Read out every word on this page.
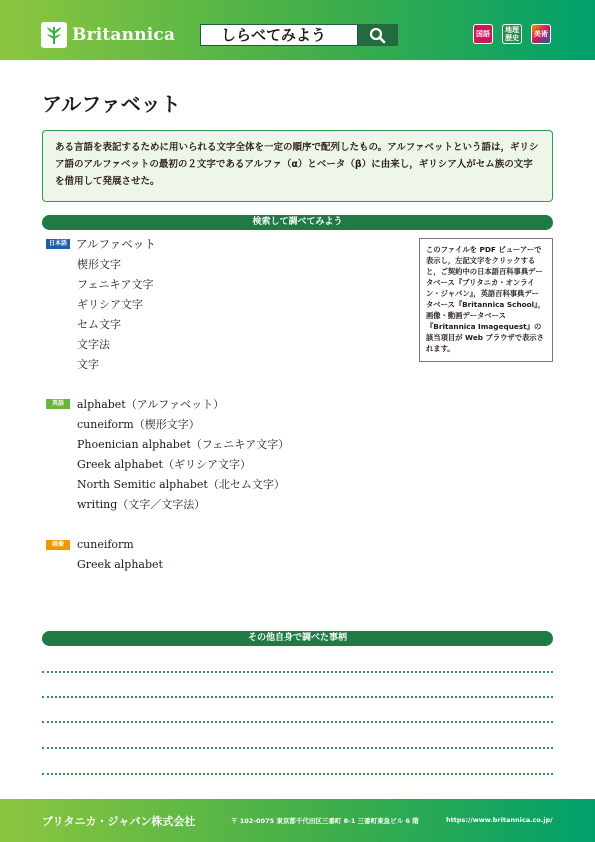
Britannica	しらべてみよう	国語	地理
歴史	美術
アルファベット
ある言語を表記するために用いられる文字全体を一定の順序で配列したもの。アルファベットという語は，ギリシア語のアルファベットの最初の２文字であるアルファ（α）とベータ（β）に由来し，ギリシア人がセム族の文字を借用して発展させた。
検索して調べてみよう
日本語 アルファベット
楔形文字
フェニキア文字
ギリシア文字
セム文字
文字法
文字
このファイルを PDF ビューアーで表示し，左記文字をクリックすると，ご契約中の日本語百科事典データベース『ブリタニカ・オンライン・ジャパン』，英語百科事典データベース『Britannica School』，画像・動画データベース『Britannica Imagequest』の該当項目が Web ブラウザで表示されます。
英語	alphabet（アルファベット）
cuneiform（楔形文字）
Phoenician alphabet（フェニキア文字）
Greek alphabet（ギリシア文字）
North Semitic alphabet（北セム文字）
writing（文字／文字法）
画像	cuneiform
Greek alphabet
その他自身で調べた事柄
ブリタニカ・ジャパン株式会社	〒 102-0075 東京都千代田区三番町 8-1 三番町東急ビル 6 階	https://www.britannica.co.jp/
